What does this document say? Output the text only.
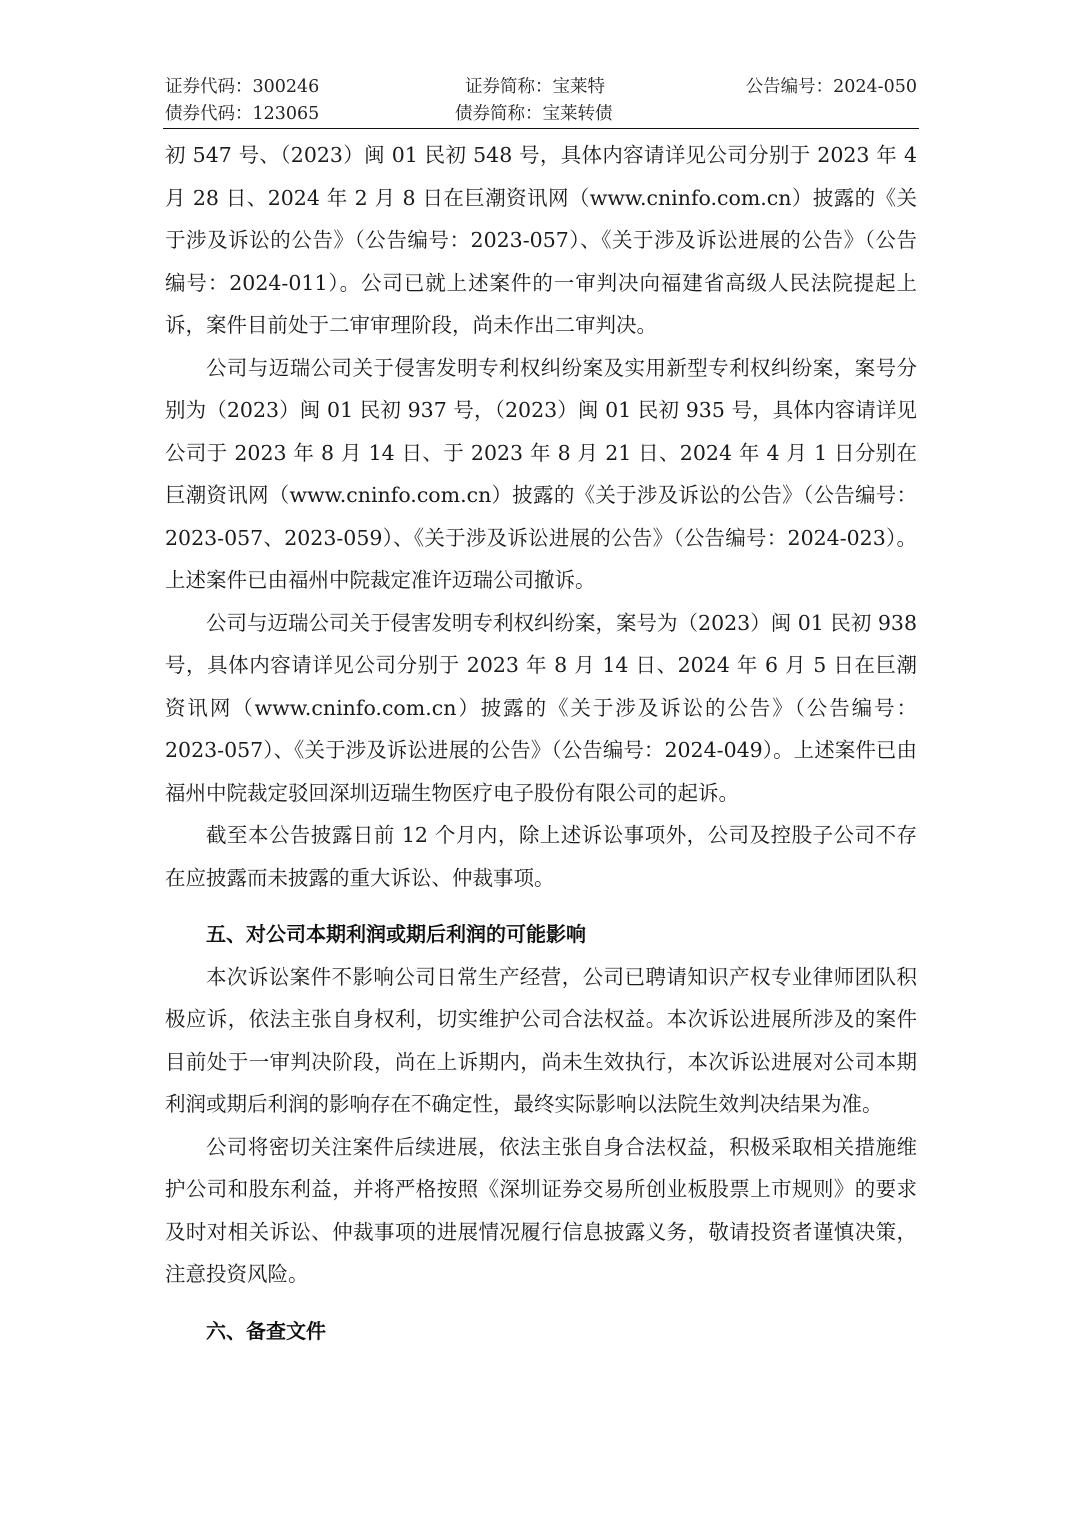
证券代码：300246	证券简称：宝莱特	公告编号：2024-050
债券代码：123065	债券简称：宝莱转债

初 547 号、（2023）闽 01 民初 548 号，具体内容请详见公司分别于 2023 年 4 月 28 日、2024 年 2 月 8 日在巨潮资讯网（www.cninfo.com.cn）披露的《关于涉及诉讼的公告》（公告编号：2023-057）、《关于涉及诉讼进展的公告》（公告编号：2024-011）。公司已就上述案件的一审判决向福建省高级人民法院提起上诉，案件目前处于二审审理阶段，尚未作出二审判决。

公司与迈瑞公司关于侵害发明专利权纠纷案及实用新型专利权纠纷案，案号分别为（2023）闽 01 民初 937 号，（2023）闽 01 民初 935 号，具体内容请详见公司于 2023 年 8 月 14 日、于 2023 年 8 月 21 日、2024 年 4 月 1 日分别在巨潮资讯网（www.cninfo.com.cn）披露的《关于涉及诉讼的公告》（公告编号：2023-057、2023-059）、《关于涉及诉讼进展的公告》（公告编号：2024-023）。上述案件已由福州中院裁定准许迈瑞公司撤诉。

公司与迈瑞公司关于侵害发明专利权纠纷案，案号为（2023）闽 01 民初 938 号，具体内容请详见公司分别于 2023 年 8 月 14 日、2024 年 6 月 5 日在巨潮资讯网（www.cninfo.com.cn）披露的《关于涉及诉讼的公告》（公告编号：2023-057）、《关于涉及诉讼进展的公告》（公告编号：2024-049）。上述案件已由福州中院裁定驳回深圳迈瑞生物医疗电子股份有限公司的起诉。

截至本公告披露日前 12 个月内，除上述诉讼事项外，公司及控股子公司不存在应披露而未披露的重大诉讼、仲裁事项。

五、对公司本期利润或期后利润的可能影响

本次诉讼案件不影响公司日常生产经营，公司已聘请知识产权专业律师团队积极应诉，依法主张自身权利，切实维护公司合法权益。本次诉讼进展所涉及的案件目前处于一审判决阶段，尚在上诉期内，尚未生效执行，本次诉讼进展对公司本期利润或期后利润的影响存在不确定性，最终实际影响以法院生效判决结果为准。

公司将密切关注案件后续进展，依法主张自身合法权益，积极采取相关措施维护公司和股东利益，并将严格按照《深圳证券交易所创业板股票上市规则》的要求及时对相关诉讼、仲裁事项的进展情况履行信息披露义务，敬请投资者谨慎决策，注意投资风险。

六、备查文件
